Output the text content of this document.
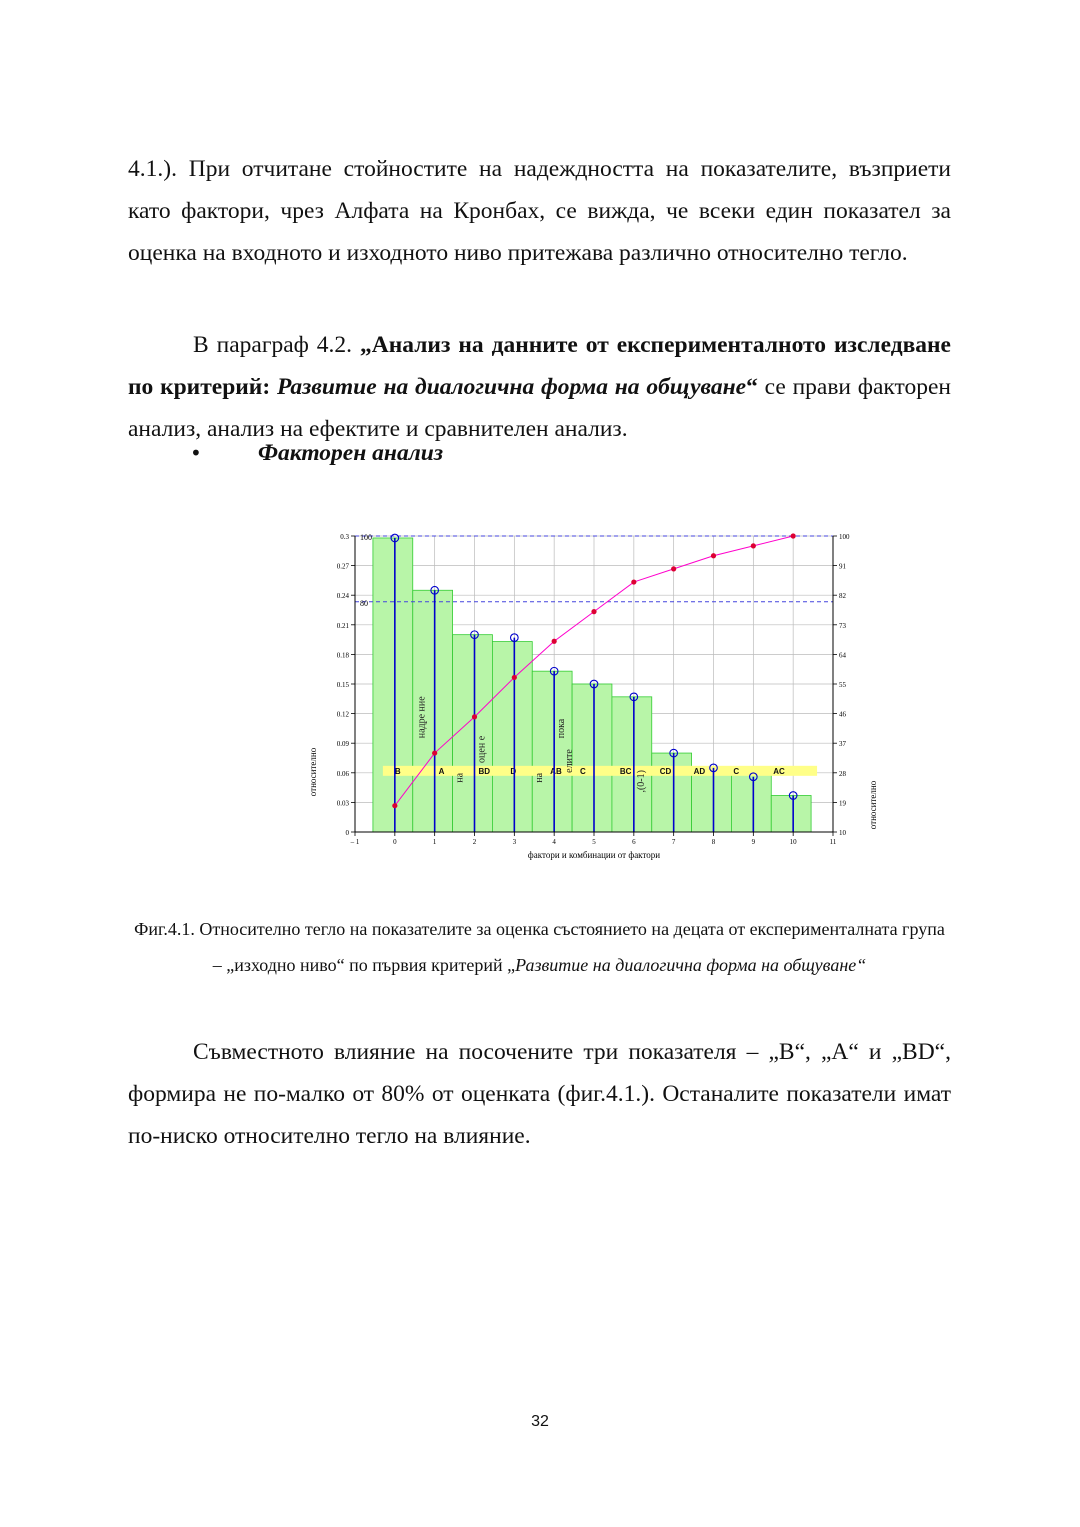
4.1.). При отчитане стойностите на надеждността на показателите, възприети като фактори, чрез Алфата на Кронбах, се вижда, че всеки един показател за оценка на входното и изходното ниво притежава различно относително тегло.

В параграф 4.2. „Анализ на данните от експерименталното изследване по критерий: Развитие на диалогична форма на общуване“ се прави факторен анализ, анализ на ефектите и сравнителен анализ.

• Факторен анализ
80
100
B	A	BD	D	AB C	BC	CD	AD	C	AC
надре ние
на
оцен е
на
пока
елите
,(0-1)
0
0.03
0.06
0.09
0.12
0.15
0.18
0.21
0.24
0.27
0.3
10
19
28
37
46
55
64
73
82
91
100
– 1	0	1	2	3	4	5	6	7	8	9	10	11
фактори и комбинации от фактори
относително
относително

Фиг.4.1. Относително тегло на показателите за оценка състоянието на децата от експерименталната група – „изходно ниво“ по първия критерий „Развитие на диалогична форма на общуване“

Съвместното влияние на посочените три показателя – „B“, „A“ и „BD“, формира не по-малко от 80% от оценката (фиг.4.1.). Останалите показатели имат по-ниско относително тегло на влияние.

32
